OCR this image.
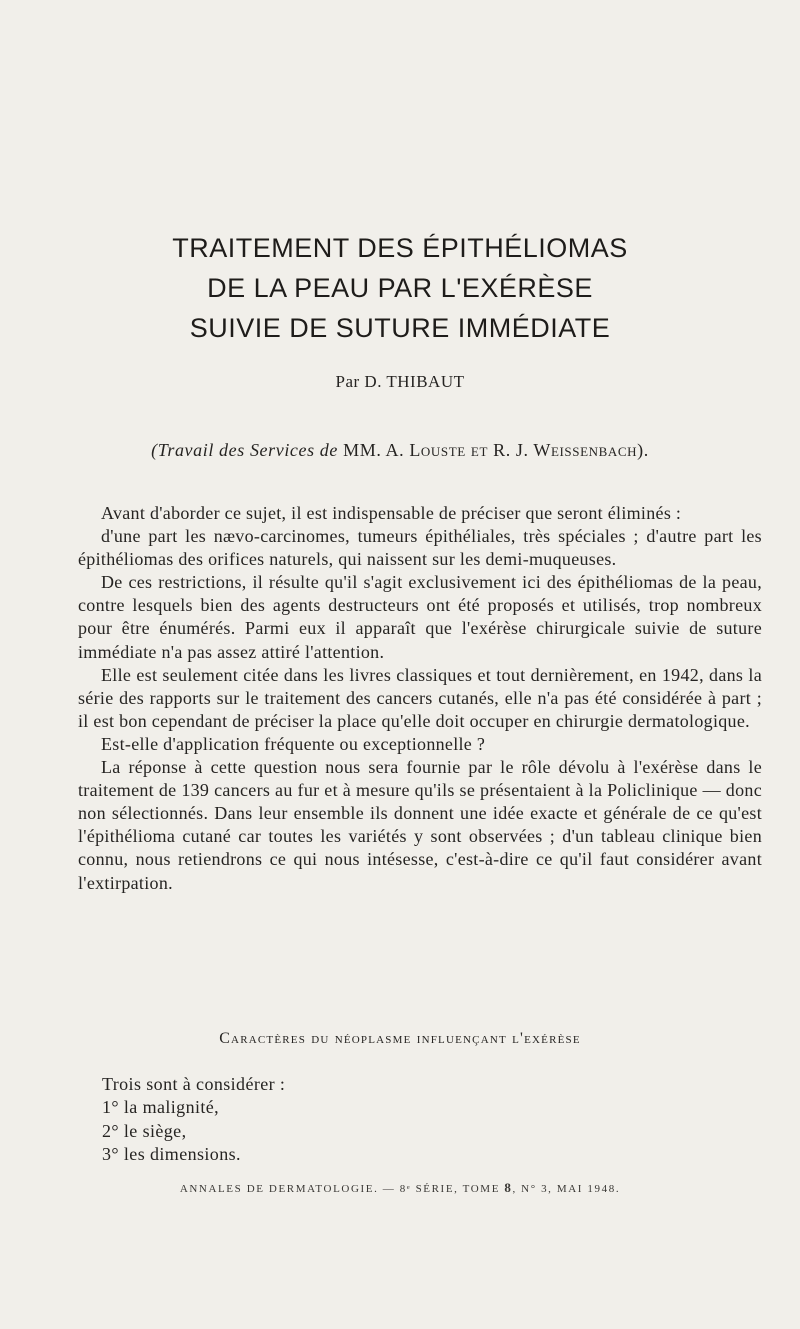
TRAITEMENT DES ÉPITHÉLIOMAS
DE LA PEAU PAR L'EXÉRÈSE
SUIVIE DE SUTURE IMMÉDIATE
Par D. THIBAUT
(Travail des Services de MM. A. Louste et R. J. Weissenbach).

Avant d'aborder ce sujet, il est indispensable de préciser que seront éliminés :

d'une part les nævo-carcinomes, tumeurs épithéliales, très spéciales ; d'autre part les épithéliomas des orifices naturels, qui naissent sur les demi-muqueuses.

De ces restrictions, il résulte qu'il s'agit exclusivement ici des épithéliomas de la peau, contre lesquels bien des agents destructeurs ont été proposés et utilisés, trop nombreux pour être énumérés. Parmi eux il apparaît que l'exérèse chirurgicale suivie de suture immédiate n'a pas assez attiré l'attention.

Elle est seulement citée dans les livres classiques et tout dernièrement, en 1942, dans la série des rapports sur le traitement des cancers cutanés, elle n'a pas été considérée à part ; il est bon cependant de préciser la place qu'elle doit occuper en chirurgie dermatologique.

Est-elle d'application fréquente ou exceptionnelle ?

La réponse à cette question nous sera fournie par le rôle dévolu à l'exérèse dans le traitement de 139 cancers au fur et à mesure qu'ils se présentaient à la Policlinique — donc non sélectionnés. Dans leur ensemble ils donnent une idée exacte et générale de ce qu'est l'épithélioma cutané car toutes les variétés y sont observées ; d'un tableau clinique bien connu, nous retiendrons ce qui nous intésesse, c'est-à-dire ce qu'il faut considérer avant l'extirpation.

Caractères du néoplasme influençant l'exérèse
Trois sont à considérer :
1° la malignité,
2° le siège,
3° les dimensions.
ANNALES DE DERMATOLOGIE. — 8ᵉ SÉRIE, TOME 8, N° 3, MAI 1948.
